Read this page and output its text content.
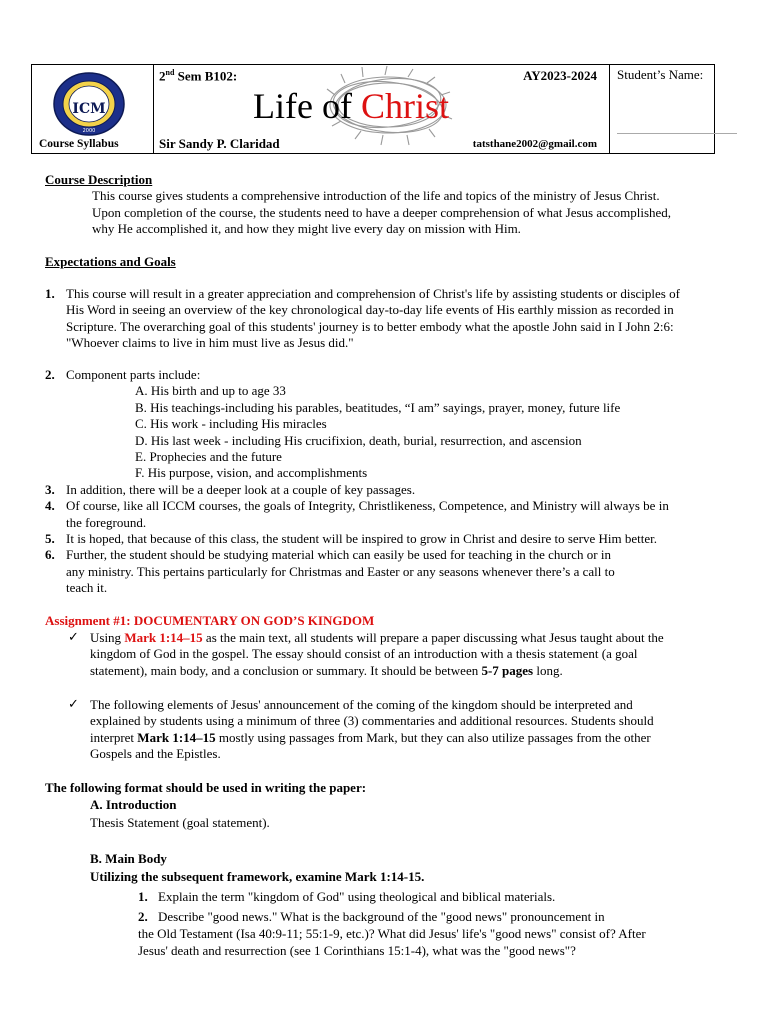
ICM
2000
Course Syllabus
2nd Sem B102:	AY2023-2024
Life of Christ
Sir Sandy P. Claridad	tatsthane2002@gmail.com
Student’s Name:
Course Description
This course gives students a comprehensive introduction of the life and topics of the ministry of Jesus Christ.
Upon completion of the course, the students need to have a deeper comprehension of what Jesus accomplished,
why He accomplished it, and how they might live every day on mission with Him.
Expectations and Goals
1. This course will result in a greater appreciation and comprehension of Christ's life by assisting students or disciples of
His Word in seeing an overview of the key chronological day-to-day life events of His earthly mission as recorded in
Scripture. The overarching goal of this students' journey is to better embody what the apostle John said in I John 2:6:
"Whoever claims to live in him must live as Jesus did."
2. Component parts include:
A. His birth and up to age 33
B. His teachings-including his parables, beatitudes, “I am” sayings, prayer, money, future life
C. His work - including His miracles
D. His last week - including His crucifixion, death, burial, resurrection, and ascension
E. Prophecies and the future
F. His purpose, vision, and accomplishments
3. In addition, there will be a deeper look at a couple of key passages.
4. Of course, like all ICCM courses, the goals of Integrity, Christlikeness, Competence, and Ministry will always be in
the foreground.
5. It is hoped, that because of this class, the student will be inspired to grow in Christ and desire to serve Him better.
6. Further, the student should be studying material which can easily be used for teaching in the church or in
any ministry. This pertains particularly for Christmas and Easter or any seasons whenever there’s a call to
teach it.
Assignment #1: DOCUMENTARY ON GOD’S KINGDOM
✓ Using Mark 1:14–15 as the main text, all students will prepare a paper discussing what Jesus taught about the
kingdom of God in the gospel. The essay should consist of an introduction with a thesis statement (a goal
statement), main body, and a conclusion or summary. It should be between 5-7 pages long.
✓ The following elements of Jesus' announcement of the coming of the kingdom should be interpreted and
explained by students using a minimum of three (3) commentaries and additional resources. Students should
interpret Mark 1:14–15 mostly using passages from Mark, but they can also utilize passages from the other
Gospels and the Epistles.
The following format should be used in writing the paper:
A. Introduction
Thesis Statement (goal statement).
B. Main Body
Utilizing the subsequent framework, examine Mark 1:14-15.
1. Explain the term "kingdom of God" using theological and biblical materials.
2. Describe "good news." What is the background of the "good news" pronouncement in
the Old Testament (Isa 40:9-11; 55:1-9, etc.)? What did Jesus' life's "good news" consist of? After
Jesus' death and resurrection (see 1 Corinthians 15:1-4), what was the "good news"?
